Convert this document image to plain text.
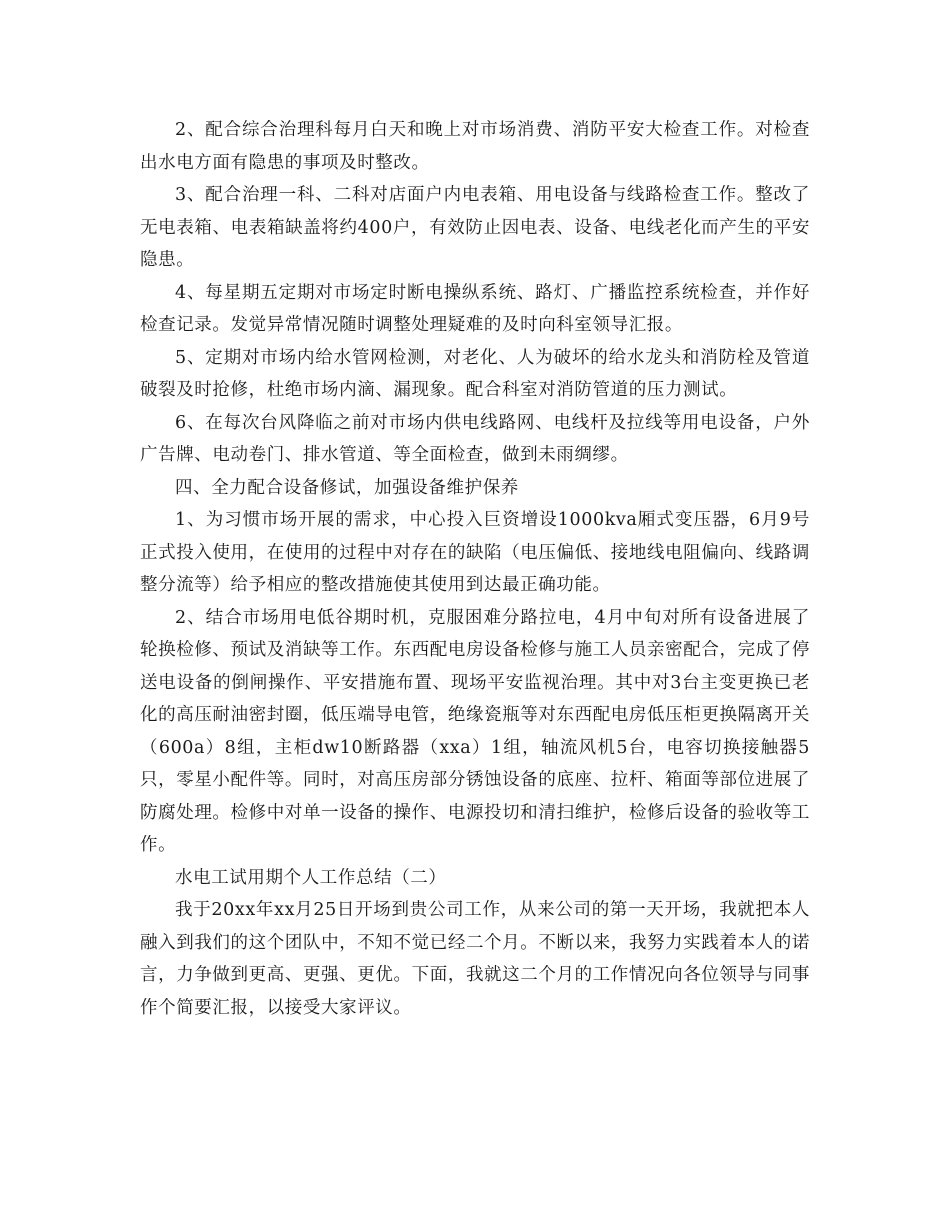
2、配合综合治理科每月白天和晚上对市场消费、消防平安大检查工作。对检查出水电方面有隐患的事项及时整改。

3、配合治理一科、二科对店面户内电表箱、用电设备与线路检查工作。整改了无电表箱、电表箱缺盖将约400户，有效防止因电表、设备、电线老化而产生的平安隐患。

4、每星期五定期对市场定时断电操纵系统、路灯、广播监控系统检查，并作好检查记录。发觉异常情况随时调整处理疑难的及时向科室领导汇报。

5、定期对市场内给水管网检测，对老化、人为破坏的给水龙头和消防栓及管道破裂及时抢修，杜绝市场内滴、漏现象。配合科室对消防管道的压力测试。

6、在每次台风降临之前对市场内供电线路网、电线杆及拉线等用电设备，户外广告牌、电动卷门、排水管道、等全面检查，做到未雨绸缪。

四、全力配合设备修试，加强设备维护保养

1、为习惯市场开展的需求，中心投入巨资增设1000kva厢式变压器，6月9号正式投入使用，在使用的过程中对存在的缺陷（电压偏低、接地线电阻偏向、线路调整分流等）给予相应的整改措施使其使用到达最正确功能。

2、结合市场用电低谷期时机，克服困难分路拉电，4月中旬对所有设备进展了轮换检修、预试及消缺等工作。东西配电房设备检修与施工人员亲密配合，完成了停送电设备的倒闸操作、平安措施布置、现场平安监视治理。其中对3台主变更换已老化的高压耐油密封圈，低压端导电管，绝缘瓷瓶等对东西配电房低压柜更换隔离开关（600a）8组，主柜dw10断路器（xxa）1组，轴流风机5台，电容切换接触器5只，零星小配件等。同时，对高压房部分锈蚀设备的底座、拉杆、箱面等部位进展了防腐处理。检修中对单一设备的操作、电源投切和清扫维护，检修后设备的验收等工作。

水电工试用期个人工作总结（二）

我于20xx年xx月25日开场到贵公司工作，从来公司的第一天开场，我就把本人融入到我们的这个团队中，不知不觉已经二个月。不断以来，我努力实践着本人的诺言，力争做到更高、更强、更优。下面，我就这二个月的工作情况向各位领导与同事作个简要汇报，以接受大家评议。
